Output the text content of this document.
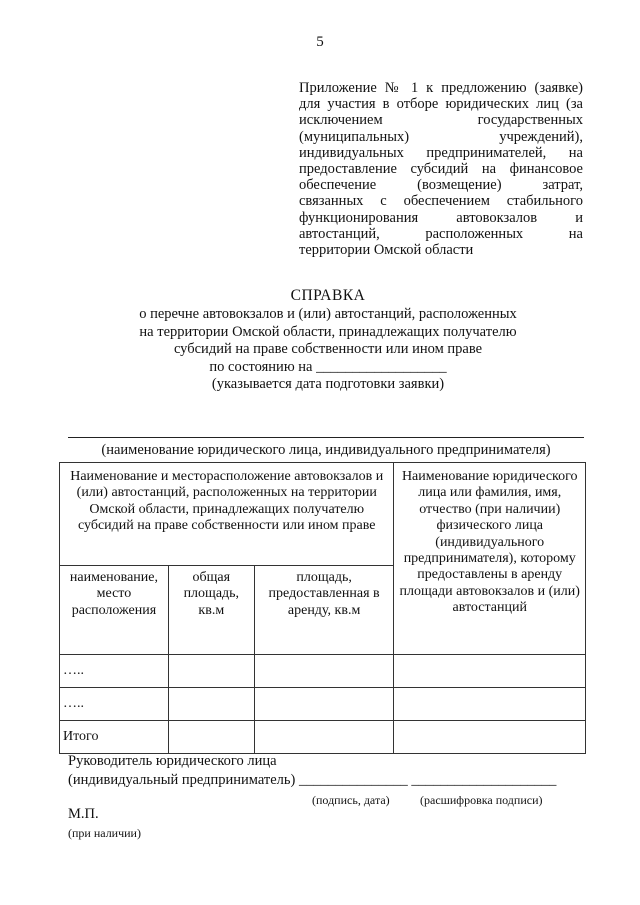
5
Приложение № 1 к предложению (заявке)
для участия в отборе юридических лиц (за
исключением государственных
(муниципальных) учреждений),
индивидуальных предпринимателей, на
предоставление субсидий на финансовое
обеспечение (возмещение) затрат,
связанных с обеспечением стабильного
функционирования автовокзалов и
автостанций, расположенных на
территории Омской области
СПРАВКА
о перечне автовокзалов и (или) автостанций, расположенных
на территории Омской области, принадлежащих получателю
субсидий на праве собственности или ином праве
по состоянию на __________________
(указывается дата подготовки заявки)
(наименование юридического лица, индивидуального предпринимателя)
Наименование и месторасположение автовокзалов и (или) автостанций, расположенных на территории Омской области, принадлежащих получателю субсидий на праве собственности или ином праве			Наименование юридического лица или фамилия, имя, отчество (при наличии) физического лица (индивидуального предпринимателя), которому предоставлены в аренду площади автовокзалов и (или) автостанций
наименование, место расположения	общая площадь, кв.м	площадь, предоставленная в аренду, кв.м	
…..			
…..			
Итого			
Руководитель юридического лица
(индивидуальный предприниматель) _______________ ____________________
(подпись, дата)	(расшифровка подписи)
М.П.
(при наличии)
